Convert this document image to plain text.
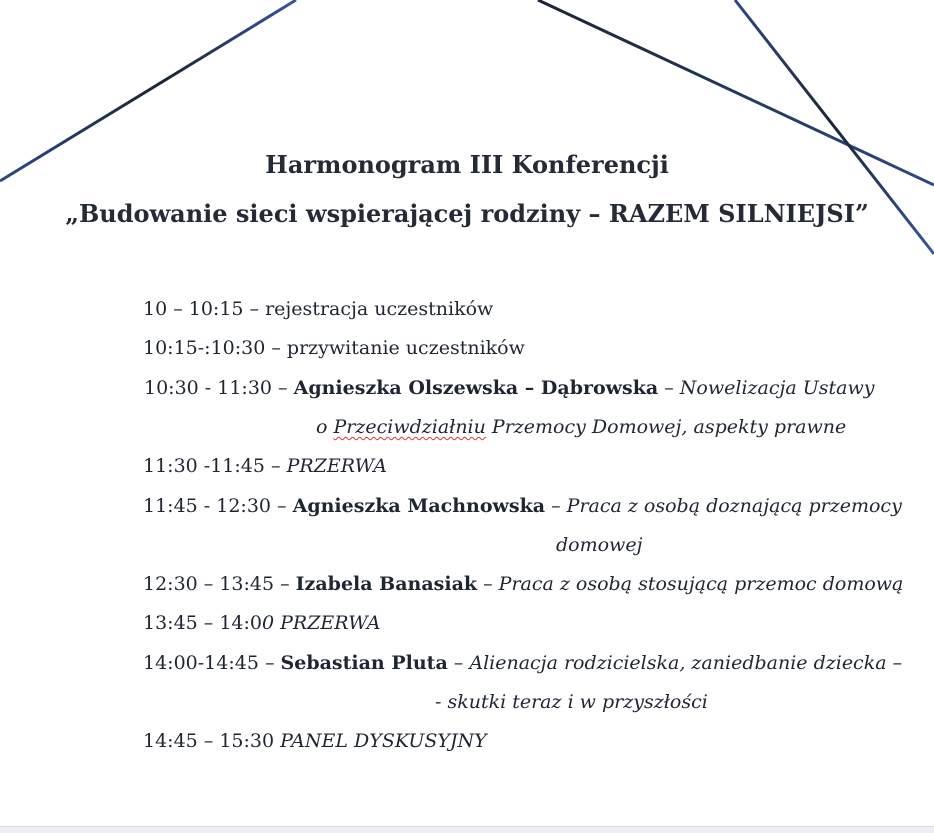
Harmonogram III Konferencji
„Budowanie sieci wspierającej rodziny – RAZEM SILNIEJSI”
10 – 10:15 – rejestracja uczestników
10:15-:10:30 – przywitanie uczestników
10:30 - 11:30 – Agnieszka Olszewska – Dąbrowska – Nowelizacja Ustawy
o Przeciwdziałniu Przemocy Domowej, aspekty prawne
11:30 -11:45 – PRZERWA
11:45 - 12:30 – Agnieszka Machnowska – Praca z osobą doznającą przemocy
domowej
12:30 – 13:45 – Izabela Banasiak – Praca z osobą stosującą przemoc domową
13:45 – 14:00 PRZERWA
14:00-14:45 – Sebastian Pluta – Alienacja rodzicielska, zaniedbanie dziecka –
- skutki teraz i w przyszłości
14:45 – 15:30 PANEL DYSKUSYJNY
